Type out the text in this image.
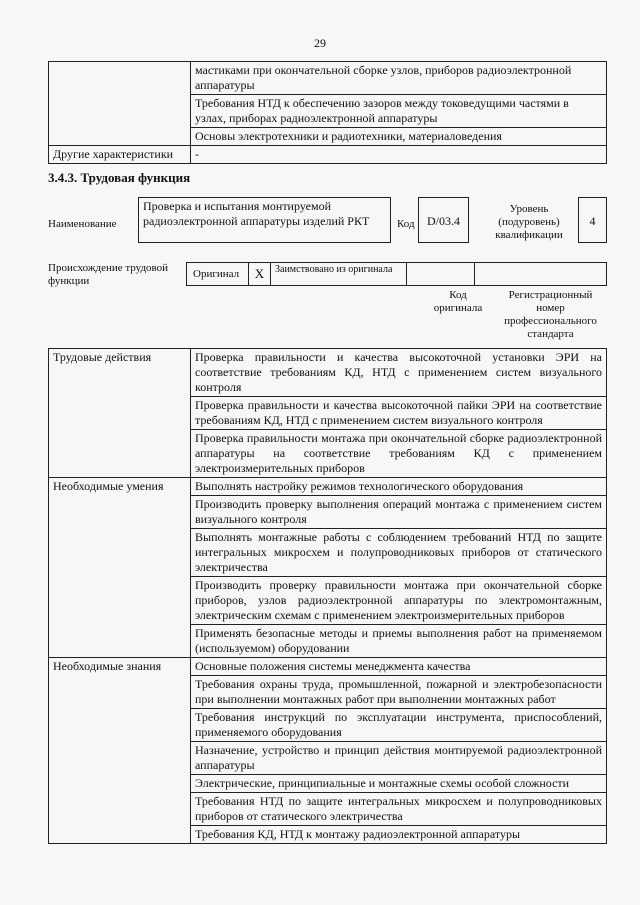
29
	мастиками при окончательной сборке узлов, приборов радиоэлектронной аппаратуры
	Требования НТД к обеспечению зазоров между токоведущими частями в узлах, приборах радиоэлектронной аппаратуры
	Основы электротехники и радиотехники, материаловедения
Другие характеристики	-
3.4.3. Трудовая функция
Наименование
Проверка и испытания монтируемой радиоэлектронной аппаратуры изделий РКТ	Код	D/03.4
Уровень (подуровень) квалификации
4
Происхождение трудовой функции
Оригинал	X	Заимствовано из оригинала
Код оригинала
Регистрационный номер профессионального стандарта
Трудовые действия	Проверка правильности и качества высокоточной установки ЭРИ на соответствие требованиям КД, НТД с применением систем визуального контроля
	Проверка правильности и качества высокоточной пайки ЭРИ на соответствие требованиям КД, НТД с применением систем визуального контроля
	Проверка правильности монтажа при окончательной сборке радиоэлектронной аппаратуры на соответствие требованиям КД с применением электроизмерительных приборов
Необходимые умения	Выполнять настройку режимов технологического оборудования
	Производить проверку выполнения операций монтажа с применением систем визуального контроля
	Выполнять монтажные работы с соблюдением требований НТД по защите интегральных микросхем и полупроводниковых приборов от статического электричества
	Производить проверку правильности монтажа при окончательной сборке приборов, узлов радиоэлектронной аппаратуры по электромонтажным, электрическим схемам с применением электроизмерительных приборов
	Применять безопасные методы и приемы выполнения работ на применяемом (используемом) оборудовании
Необходимые знания	Основные положения системы менеджмента качества
	Требования охраны труда, промышленной, пожарной и электробезопасности при выполнении монтажных работ при выполнении монтажных работ
	Требования инструкций по эксплуатации инструмента, приспособлений, применяемого оборудования
	Назначение, устройство и принцип действия монтируемой радиоэлектронной аппаратуры
	Электрические, принципиальные и монтажные схемы особой сложности
	Требования НТД по защите интегральных микросхем и полупроводниковых приборов от статического электричества
	Требования КД, НТД к монтажу радиоэлектронной аппаратуры
